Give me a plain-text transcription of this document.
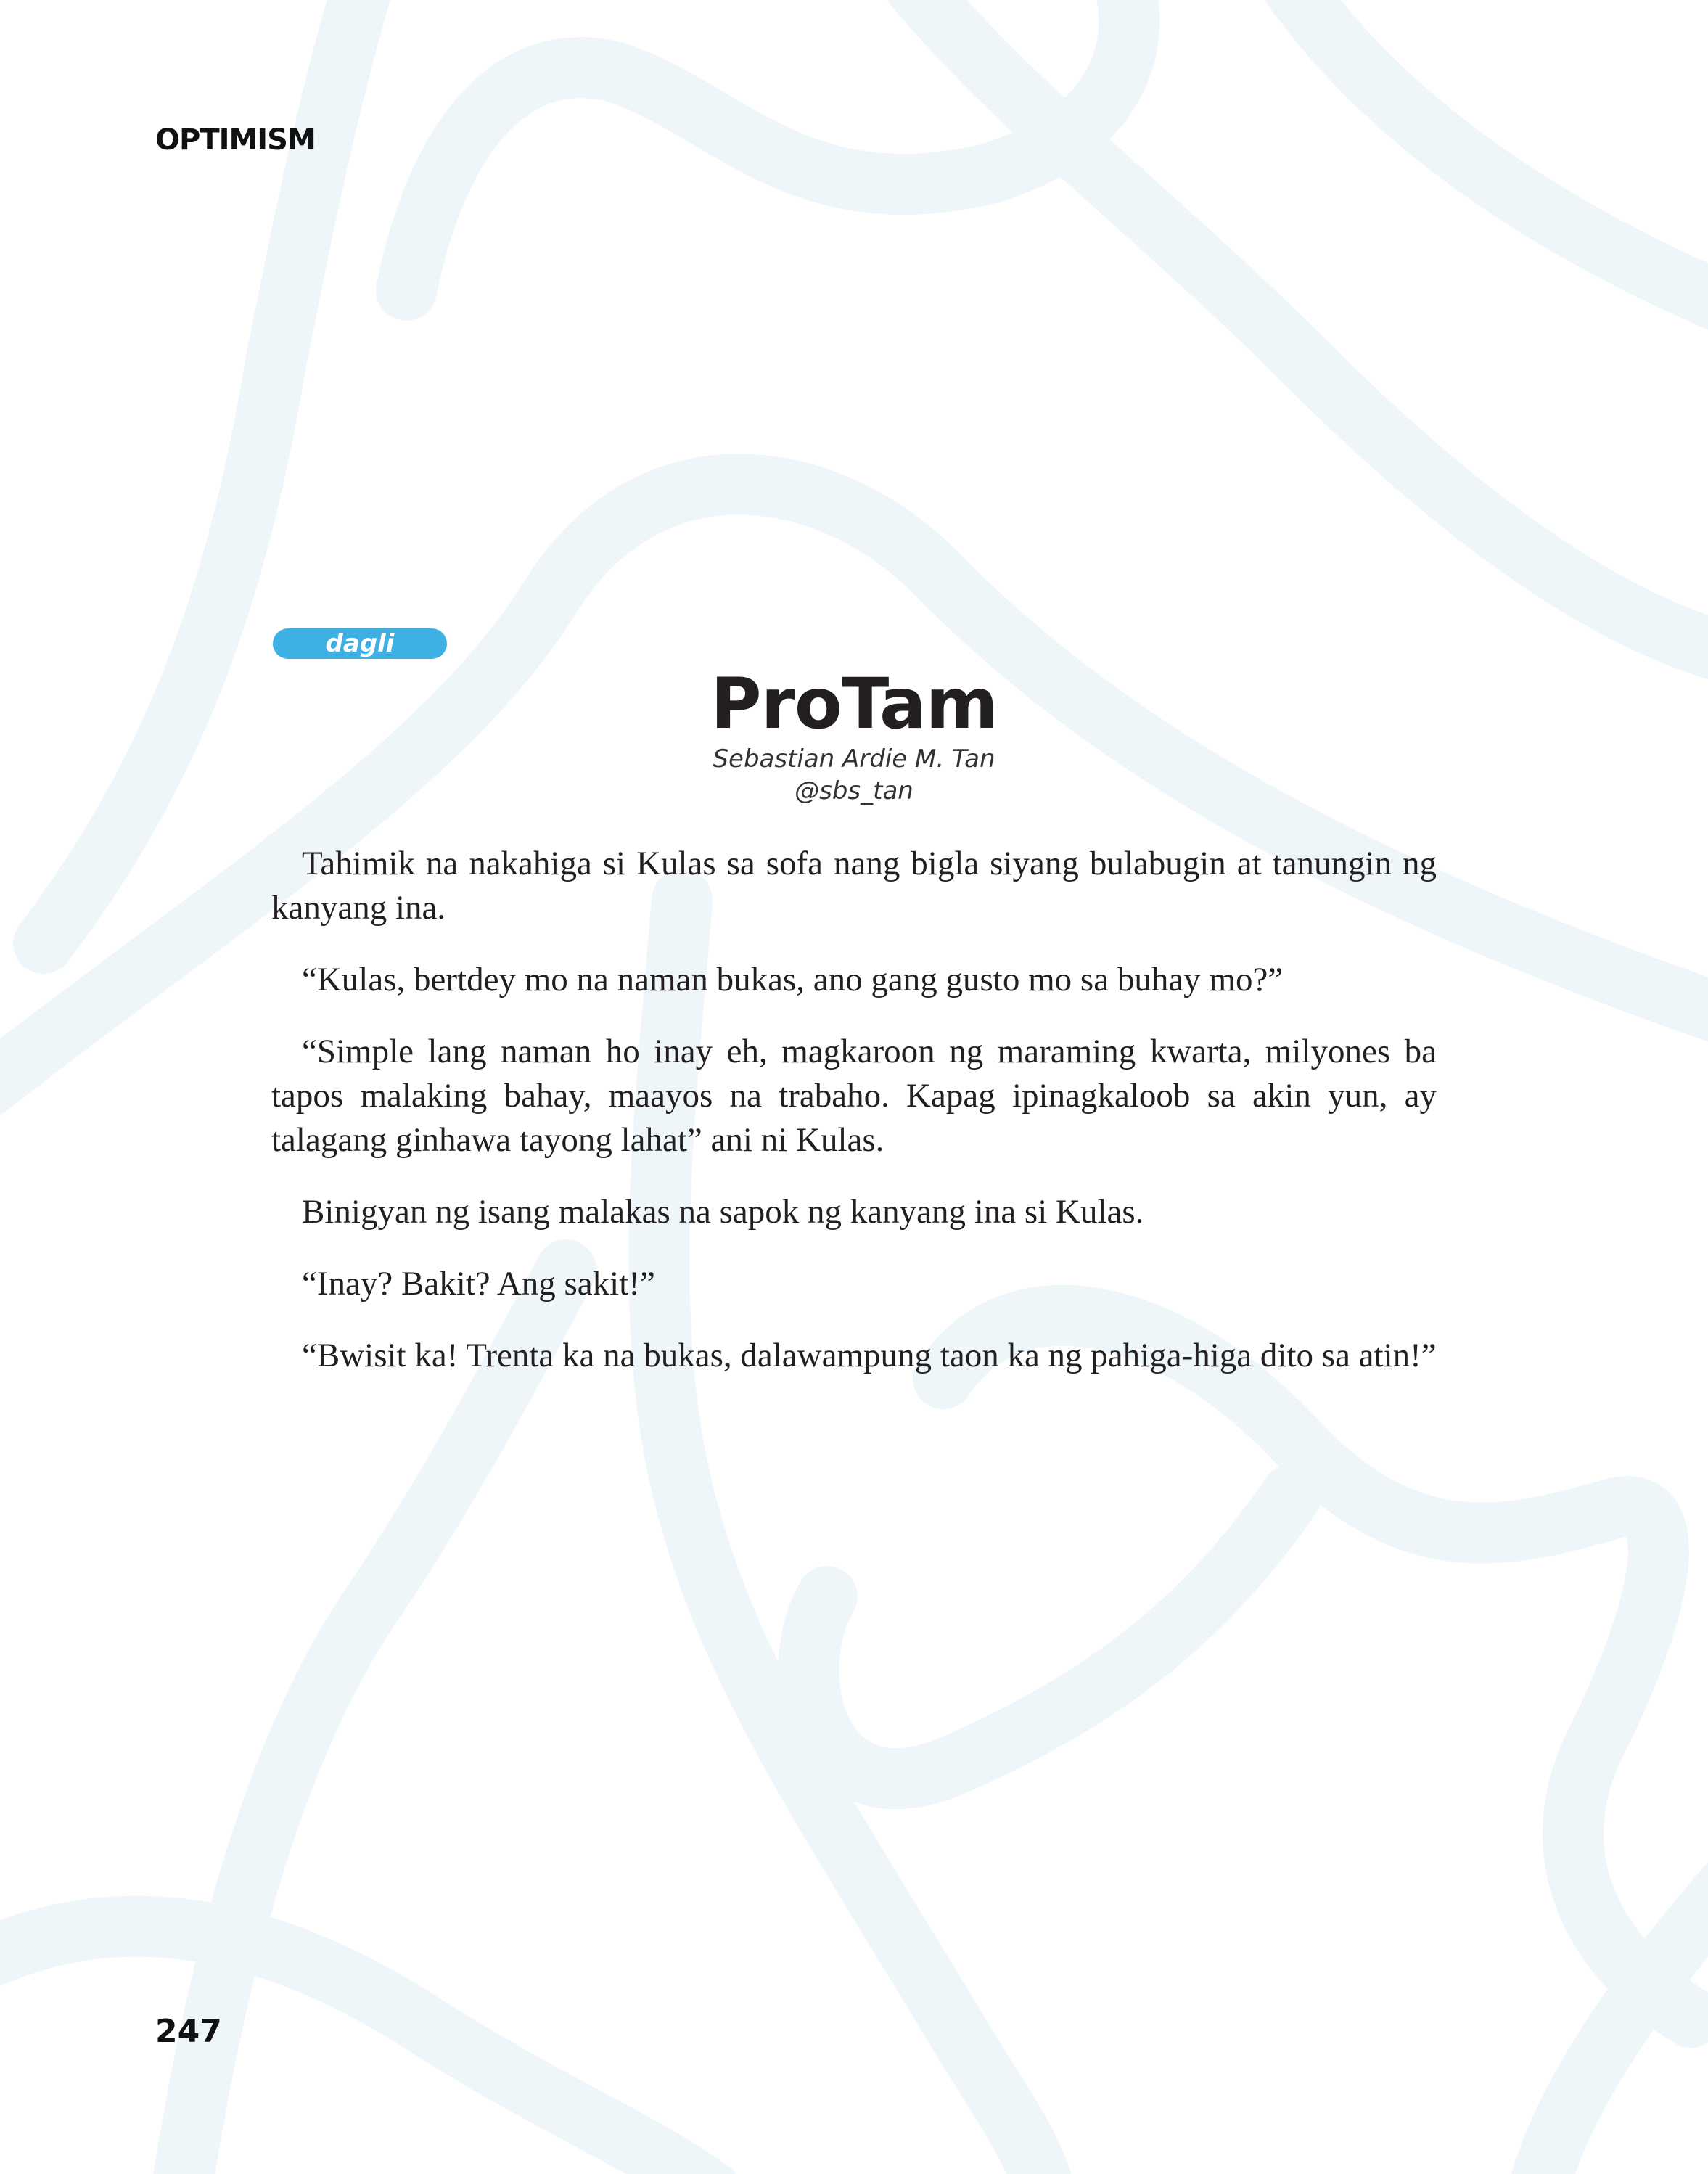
OPTIMISM
dagli
ProTam
Sebastian Ardie M. Tan
@sbs_tan

Tahimik na nakahiga si Kulas sa sofa nang bigla siyang bulabugin at tanungin ng kanyang ina.

“Kulas, bertdey mo na naman bukas, ano gang gusto mo sa buhay mo?”

“Simple lang naman ho inay eh, magkaroon ng maraming kwarta, milyones ba tapos malaking bahay, maayos na trabaho. Kapag ipinagkaloob sa akin yun, ay talagang ginhawa tayong lahat” ani ni Kulas.

Binigyan ng isang malakas na sapok ng kanyang ina si Kulas.

“Inay? Bakit? Ang sakit!”

“Bwisit ka! Trenta ka na bukas, dalawampung taon ka ng pahiga-higa dito sa atin!”

247
